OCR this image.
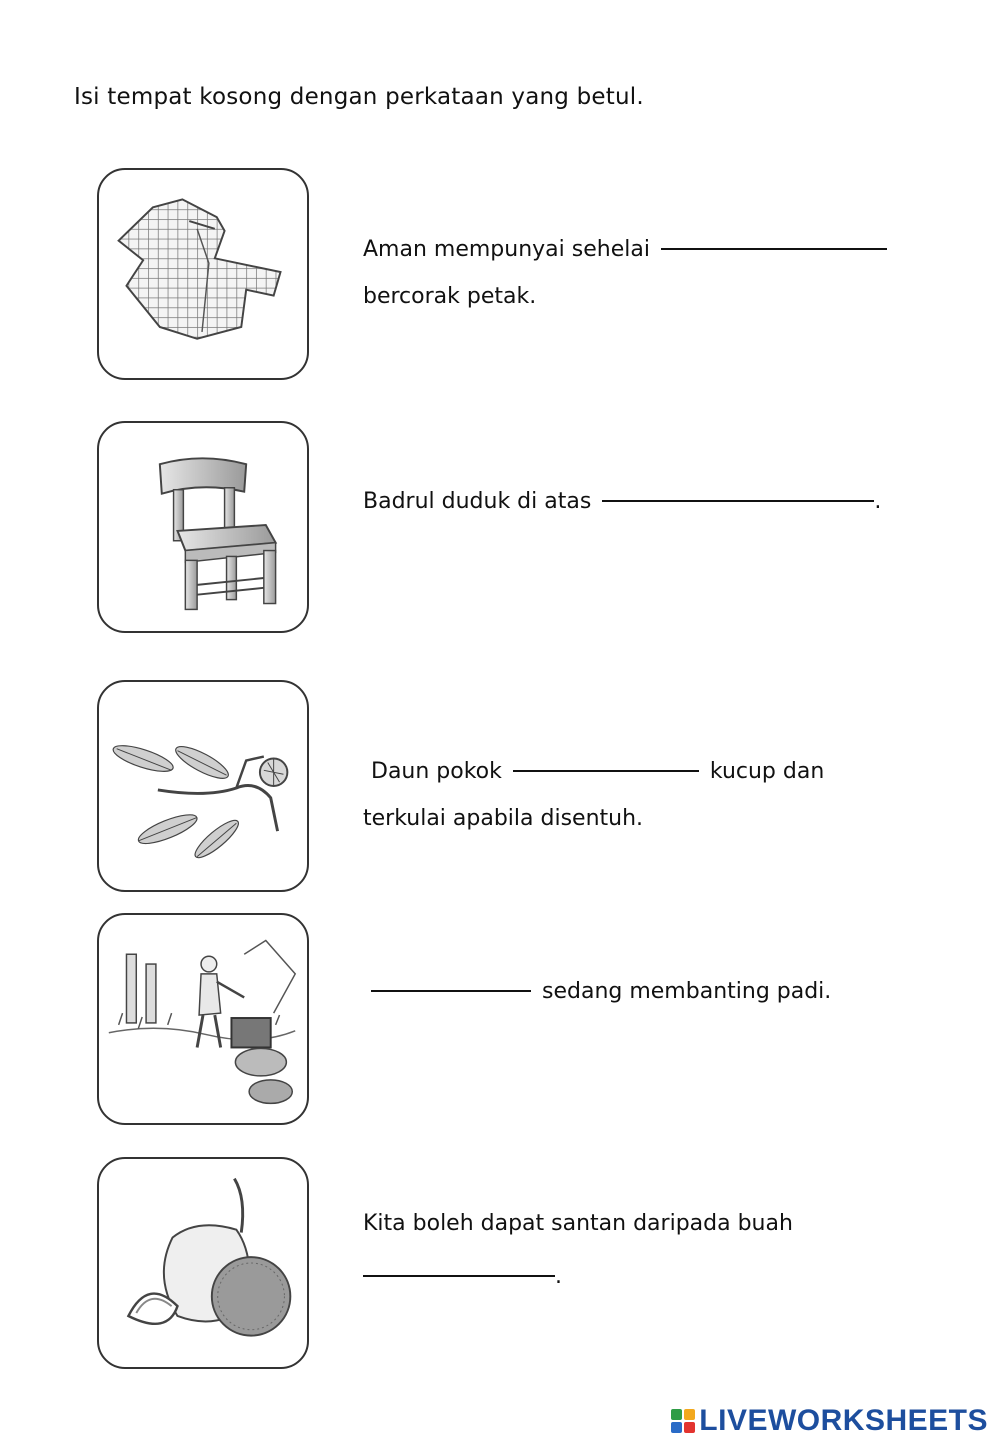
Isi tempat kosong dengan perkataan yang betul.
Aman mempunyai sehelai
bercorak petak.
Badrul duduk di atas	.
Daun pokok	kucup dan
terkulai apabila disentuh.
sedang membanting padi.
Kita boleh dapat santan daripada buah
.
LIVEWORKSHEETS
